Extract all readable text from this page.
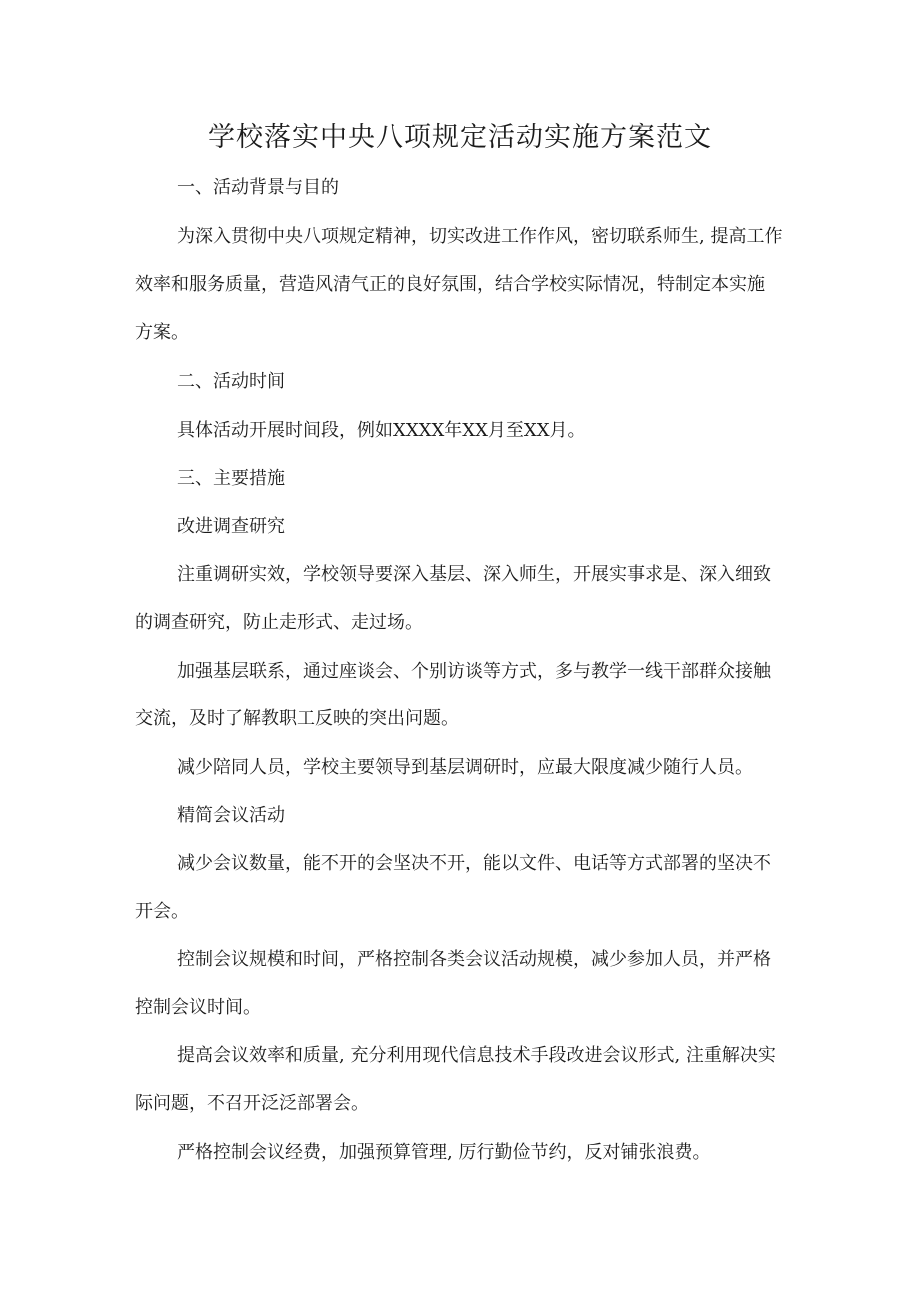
学校落实中央八项规定活动实施方案范文

一、活动背景与目的

为深入贯彻中央八项规定精神，切实改进工作作风，密切联系师生, 提高工作

效率和服务质量，营造风清气正的良好氛围，结合学校实际情况，特制定本实施

方案。

二、活动时间

具体活动开展时间段，例如XXXX年XX月至XX月。

三、主要措施

改进调查研究

注重调研实效，学校领导要深入基层、深入师生，开展实事求是、深入细致

的调查研究，防止走形式、走过场。

加强基层联系，通过座谈会、个别访谈等方式，多与教学一线干部群众接触

交流，及时了解教职工反映的突出问题。

减少陪同人员，学校主要领导到基层调研时，应最大限度减少随行人员。

精简会议活动

减少会议数量，能不开的会坚决不开，能以文件、电话等方式部署的坚决不

开会。

控制会议规模和时间，严格控制各类会议活动规模，减少参加人员，并严格

控制会议时间。

提高会议效率和质量, 充分利用现代信息技术手段改进会议形式, 注重解决实

际问题，不召开泛泛部署会。

严格控制会议经费，加强预算管理, 厉行勤俭节约，反对铺张浪费。
